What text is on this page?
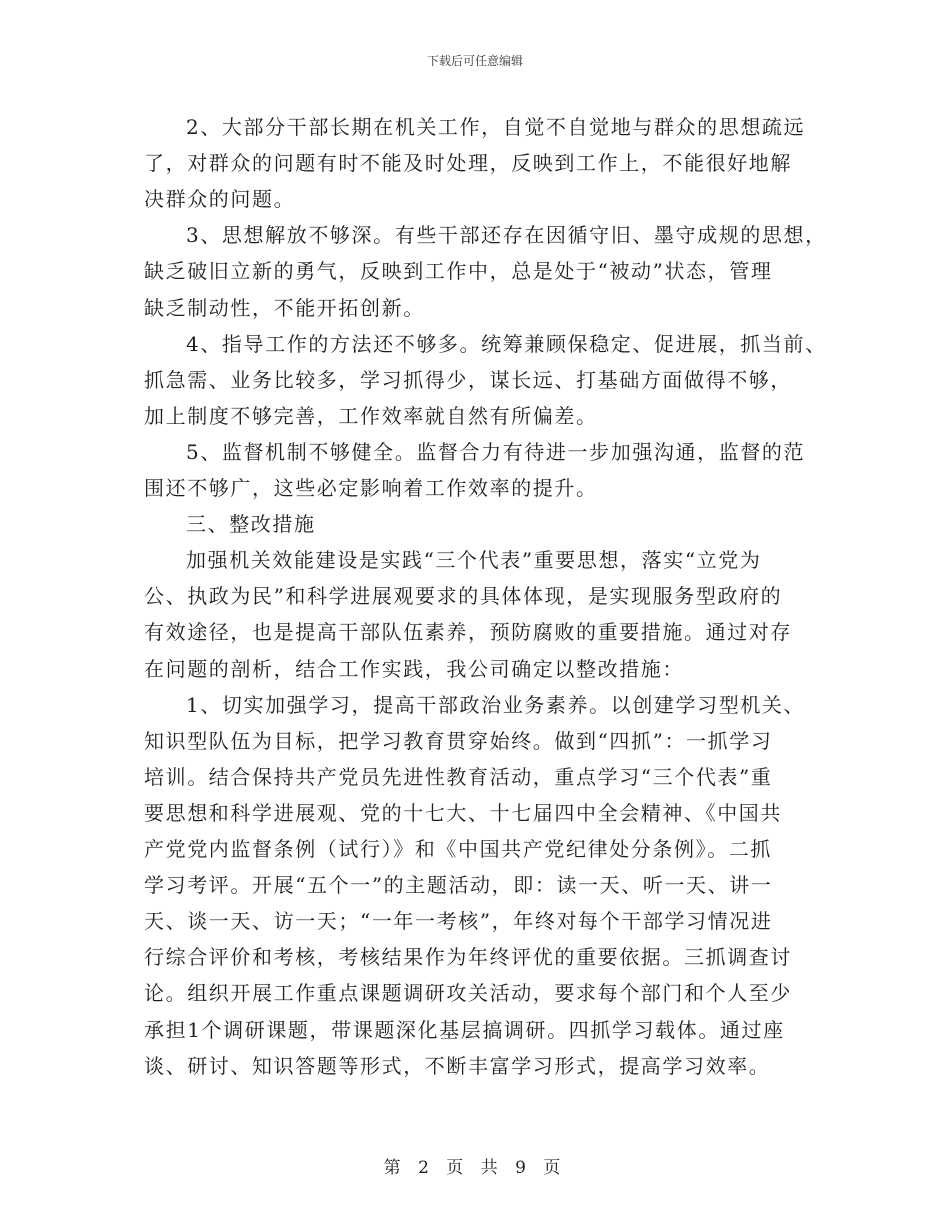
下载后可任意编辑
2、大部分干部长期在机关工作，自觉不自觉地与群众的思想疏远
了，对群众的问题有时不能及时处理，反映到工作上，不能很好地解
决群众的问题。
3、思想解放不够深。有些干部还存在因循守旧、墨守成规的思想，
缺乏破旧立新的勇气，反映到工作中，总是处于“被动”状态，管理
缺乏制动性，不能开拓创新。
4、指导工作的方法还不够多。统筹兼顾保稳定、促进展，抓当前、
抓急需、业务比较多，学习抓得少，谋长远、打基础方面做得不够，
加上制度不够完善，工作效率就自然有所偏差。
5、监督机制不够健全。监督合力有待进一步加强沟通，监督的范
围还不够广，这些必定影响着工作效率的提升。
三、整改措施
加强机关效能建设是实践“三个代表”重要思想，落实“立党为
公、执政为民”和科学进展观要求的具体体现，是实现服务型政府的
有效途径，也是提高干部队伍素养，预防腐败的重要措施。通过对存
在问题的剖析，结合工作实践，我公司确定以整改措施：
1、切实加强学习，提高干部政治业务素养。以创建学习型机关、
知识型队伍为目标，把学习教育贯穿始终。做到“四抓”：一抓学习
培训。结合保持共产党员先进性教育活动，重点学习“三个代表”重
要思想和科学进展观、党的十七大、十七届四中全会精神、《中国共
产党党内监督条例（试行）》和《中国共产党纪律处分条例》。二抓
学习考评。开展“五个一”的主题活动，即：读一天、听一天、讲一
天、谈一天、访一天；“一年一考核”，年终对每个干部学习情况进
行综合评价和考核，考核结果作为年终评优的重要依据。三抓调查讨
论。组织开展工作重点课题调研攻关活动，要求每个部门和个人至少
承担1个调研课题，带课题深化基层搞调研。四抓学习载体。通过座
谈、研讨、知识答题等形式，不断丰富学习形式，提高学习效率。
第 2 页 共 9 页
